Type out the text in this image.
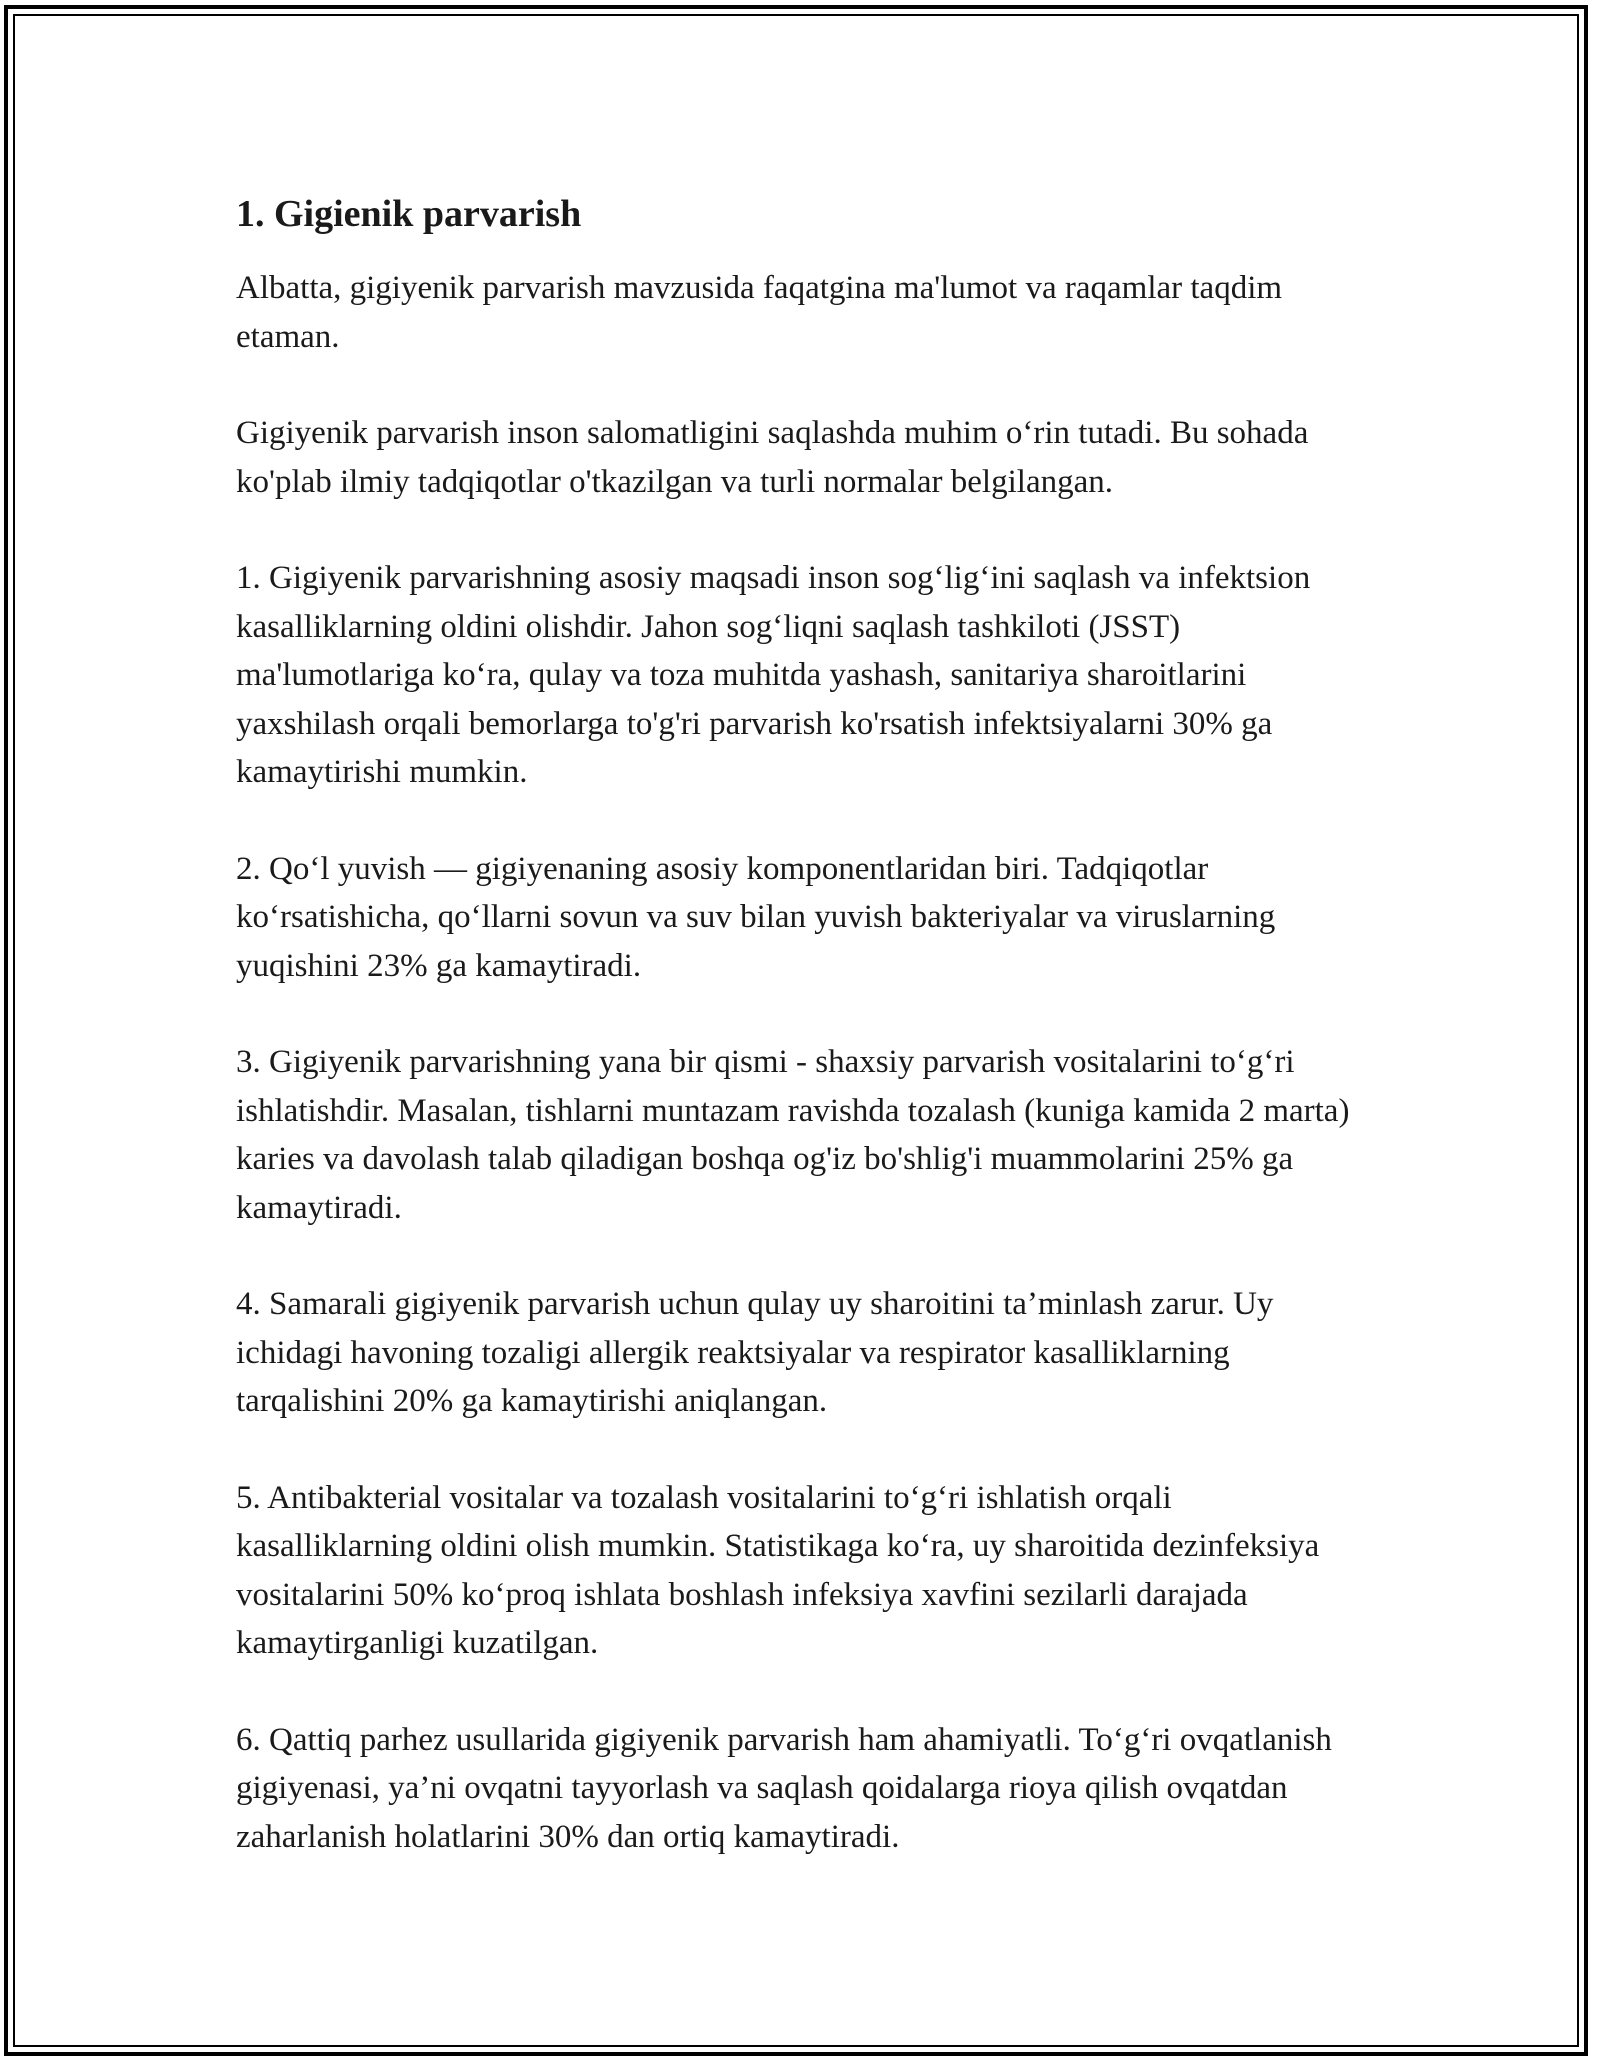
1. Gigienik parvarish

Albatta, gigiyenik parvarish mavzusida faqatgina ma'lumot va raqamlar taqdim etaman.

Gigiyenik parvarish inson salomatligini saqlashda muhim o‘rin tutadi. Bu sohada ko'plab ilmiy tadqiqotlar o'tkazilgan va turli normalar belgilangan.

1. Gigiyenik parvarishning asosiy maqsadi inson sog‘lig‘ini saqlash va infektsion kasalliklarning oldini olishdir. Jahon sog‘liqni saqlash tashkiloti (JSST) ma'lumotlariga ko‘ra, qulay va toza muhitda yashash, sanitariya sharoitlarini yaxshilash orqali bemorlarga to'g'ri parvarish ko'rsatish infektsiyalarni 30% ga kamaytirishi mumkin.

2. Qo‘l yuvish — gigiyenaning asosiy komponentlaridan biri. Tadqiqotlar ko‘rsatishicha, qo‘llarni sovun va suv bilan yuvish bakteriyalar va viruslarning yuqishini 23% ga kamaytiradi.

3. Gigiyenik parvarishning yana bir qismi - shaxsiy parvarish vositalarini to‘g‘ri ishlatishdir. Masalan, tishlarni muntazam ravishda tozalash (kuniga kamida 2 marta) karies va davolash talab qiladigan boshqa og'iz bo'shlig'i muammolarini 25% ga kamaytiradi.

4. Samarali gigiyenik parvarish uchun qulay uy sharoitini ta’minlash zarur. Uy ichidagi havoning tozaligi allergik reaktsiyalar va respirator kasalliklarning tarqalishini 20% ga kamaytirishi aniqlangan.

5. Antibakterial vositalar va tozalash vositalarini to‘g‘ri ishlatish orqali kasalliklarning oldini olish mumkin. Statistikaga ko‘ra, uy sharoitida dezinfeksiya vositalarini 50% ko‘proq ishlata boshlash infeksiya xavfini sezilarli darajada kamaytirganligi kuzatilgan.

6. Qattiq parhez usullarida gigiyenik parvarish ham ahamiyatli. To‘g‘ri ovqatlanish gigiyenasi, ya’ni ovqatni tayyorlash va saqlash qoidalarga rioya qilish ovqatdan zaharlanish holatlarini 30% dan ortiq kamaytiradi.
